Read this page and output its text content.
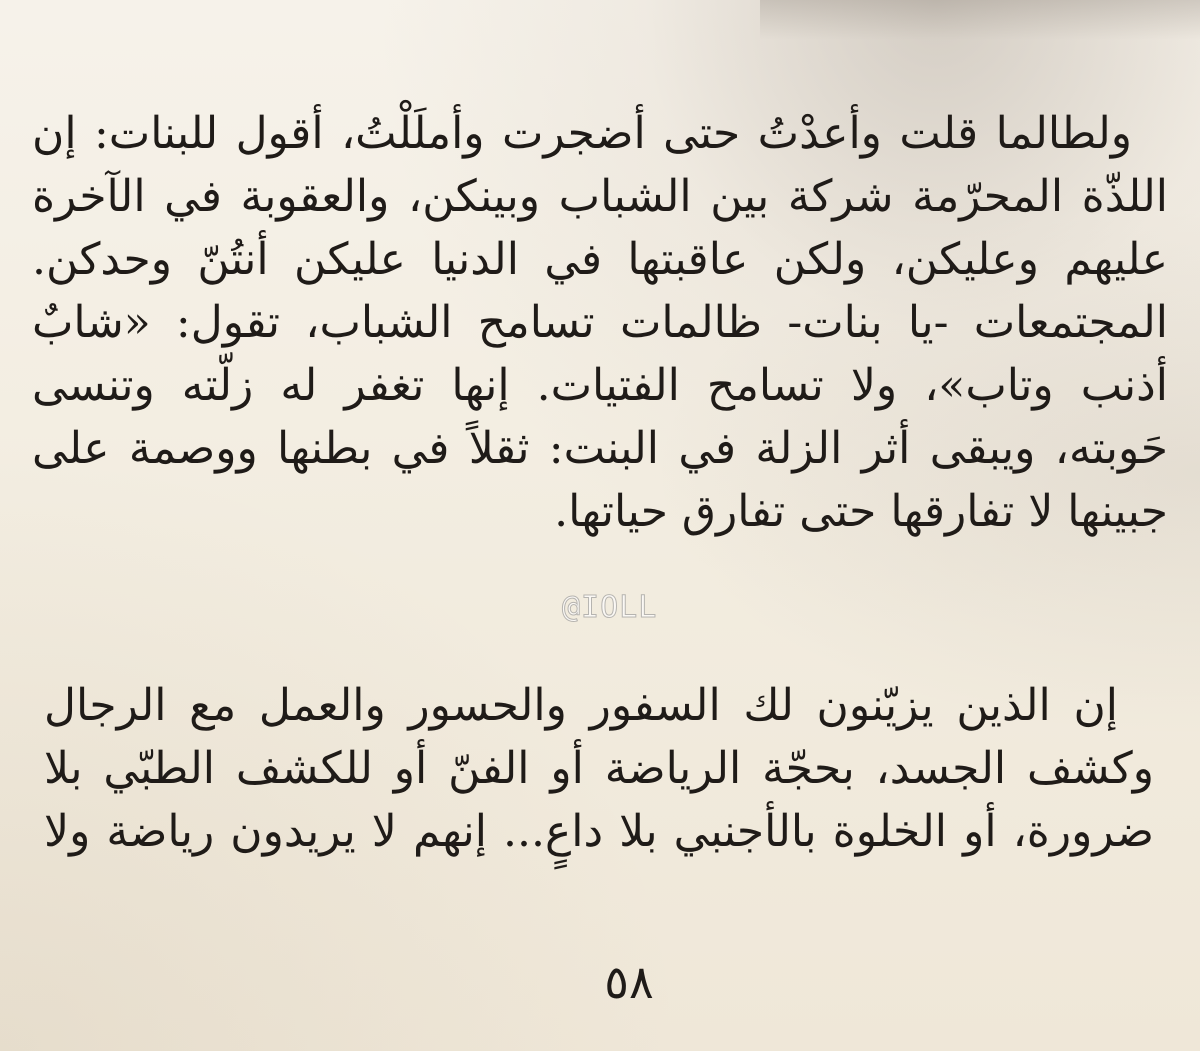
ولطالما قلت وأعدْتُ حتى أضجرت وأملَلْتُ، أقول للبنات: إن اللذّة المحرّمة شركة بين الشباب وبينكن، والعقوبة في الآخرة عليهم وعليكن، ولكن عاقبتها في الدنيا عليكن أنتُنّ وحدكن. المجتمعات -يا بنات- ظالمات تسامح الشباب، تقول: «شابٌ أذنب وتاب»، ولا تسامح الفتيات. إنها تغفر له زلّته وتنسى حَوبته، ويبقى أثر الزلة في البنت: ثقلاً في بطنها ووصمة على جبينها لا تفارقها حتى تفارق حياتها.

@IOLL

إن الذين يزيّنون لك السفور والحسور والعمل مع الرجال وكشف الجسد، بحجّة الرياضة أو الفنّ أو للكشف الطبّي بلا ضرورة، أو الخلوة بالأجنبي بلا داعٍ... إنهم لا يريدون رياضة ولا

٥٨
